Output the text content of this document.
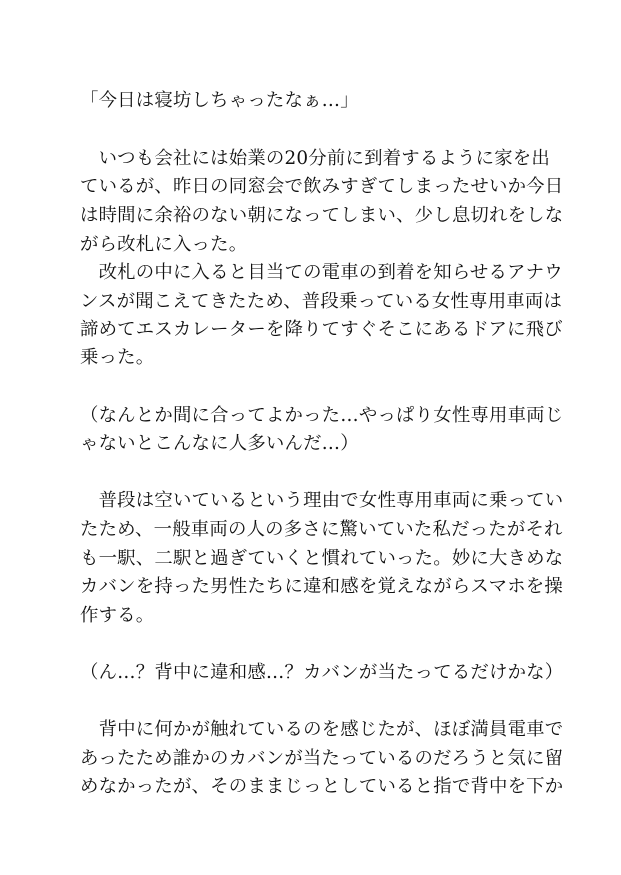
「今日は寝坊しちゃったなぁ…」
　いつも会社には始業の20分前に到着するように家を出
ているが、昨日の同窓会で飲みすぎてしまったせいか今日
は時間に余裕のない朝になってしまい、少し息切れをしな
がら改札に入った。
　改札の中に入ると目当ての電車の到着を知らせるアナウ
ンスが聞こえてきたため、普段乗っている女性専用車両は
諦めてエスカレーターを降りてすぐそこにあるドアに飛び
乗った。
（なんとか間に合ってよかった…やっぱり女性専用車両じ
ゃないとこんなに人多いんだ…）
　普段は空いているという理由で女性専用車両に乗ってい
たため、一般車両の人の多さに驚いていた私だったがそれ
も一駅、二駅と過ぎていくと慣れていった。妙に大きめな
カバンを持った男性たちに違和感を覚えながらスマホを操
作する。
（ん…？背中に違和感…？カバンが当たってるだけかな）
　背中に何かが触れているのを感じたが、ほぼ満員電車で
あったため誰かのカバンが当たっているのだろうと気に留
めなかったが、そのままじっとしていると指で背中を下か
